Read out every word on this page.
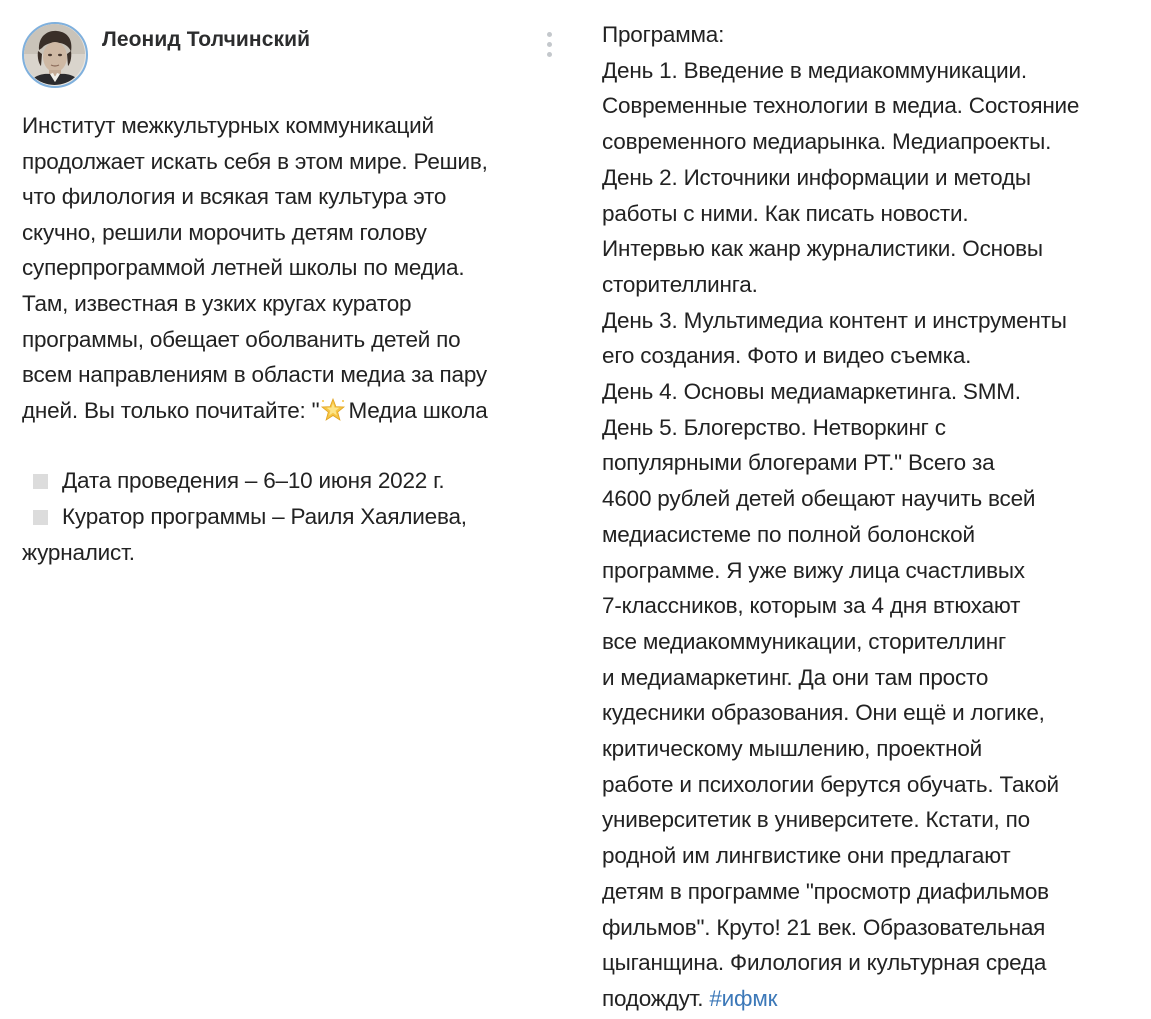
Леонид Толчинский

Институт межкультурных коммуникаций

продолжает искать себя в этом мире. Решив,

что филология и всякая там культура это

скучно, решили морочить детям голову

суперпрограммой летней школы по медиа.

Там, известная в узких кругах куратор

программы, обещает оболванить детей по

всем направлениям в области медиа за пару

дней. Вы только почитайте: " Медиа школа

Дата проведения – 6–10 июня 2022 г.

Куратор программы – Раиля Хаялиева,

журналист.

Программа:

День 1. Введение в медиакоммуникации.

Современные технологии в медиа. Состояние

современного медиарынка. Медиапроекты.

День 2. Источники информации и методы

работы с ними. Как писать новости.

Интервью как жанр журналистики. Основы

сторителлинга.

День 3. Мультимедиа контент и инструменты

его создания. Фото и видео съемка.

День 4. Основы медиамаркетинга. SMM.

День 5. Блогерство. Нетворкинг с

популярными блогерами РТ." Всего за

4600 рублей детей обещают научить всей

медиасистеме по полной болонской

программе. Я уже вижу лица счастливых

7-классников, которым за 4 дня втюхают

все медиакоммуникации, сторителлинг

и медиамаркетинг. Да они там просто

кудесники образования. Они ещё и логике,

критическому мышлению, проектной

работе и психологии берутся обучать. Такой

университетик в университете. Кстати, по

родной им лингвистике они предлагают

детям в программе "просмотр диафильмов

фильмов". Круто! 21 век. Образовательная

цыганщина. Филология и культурная среда

подождут. #ифмк
